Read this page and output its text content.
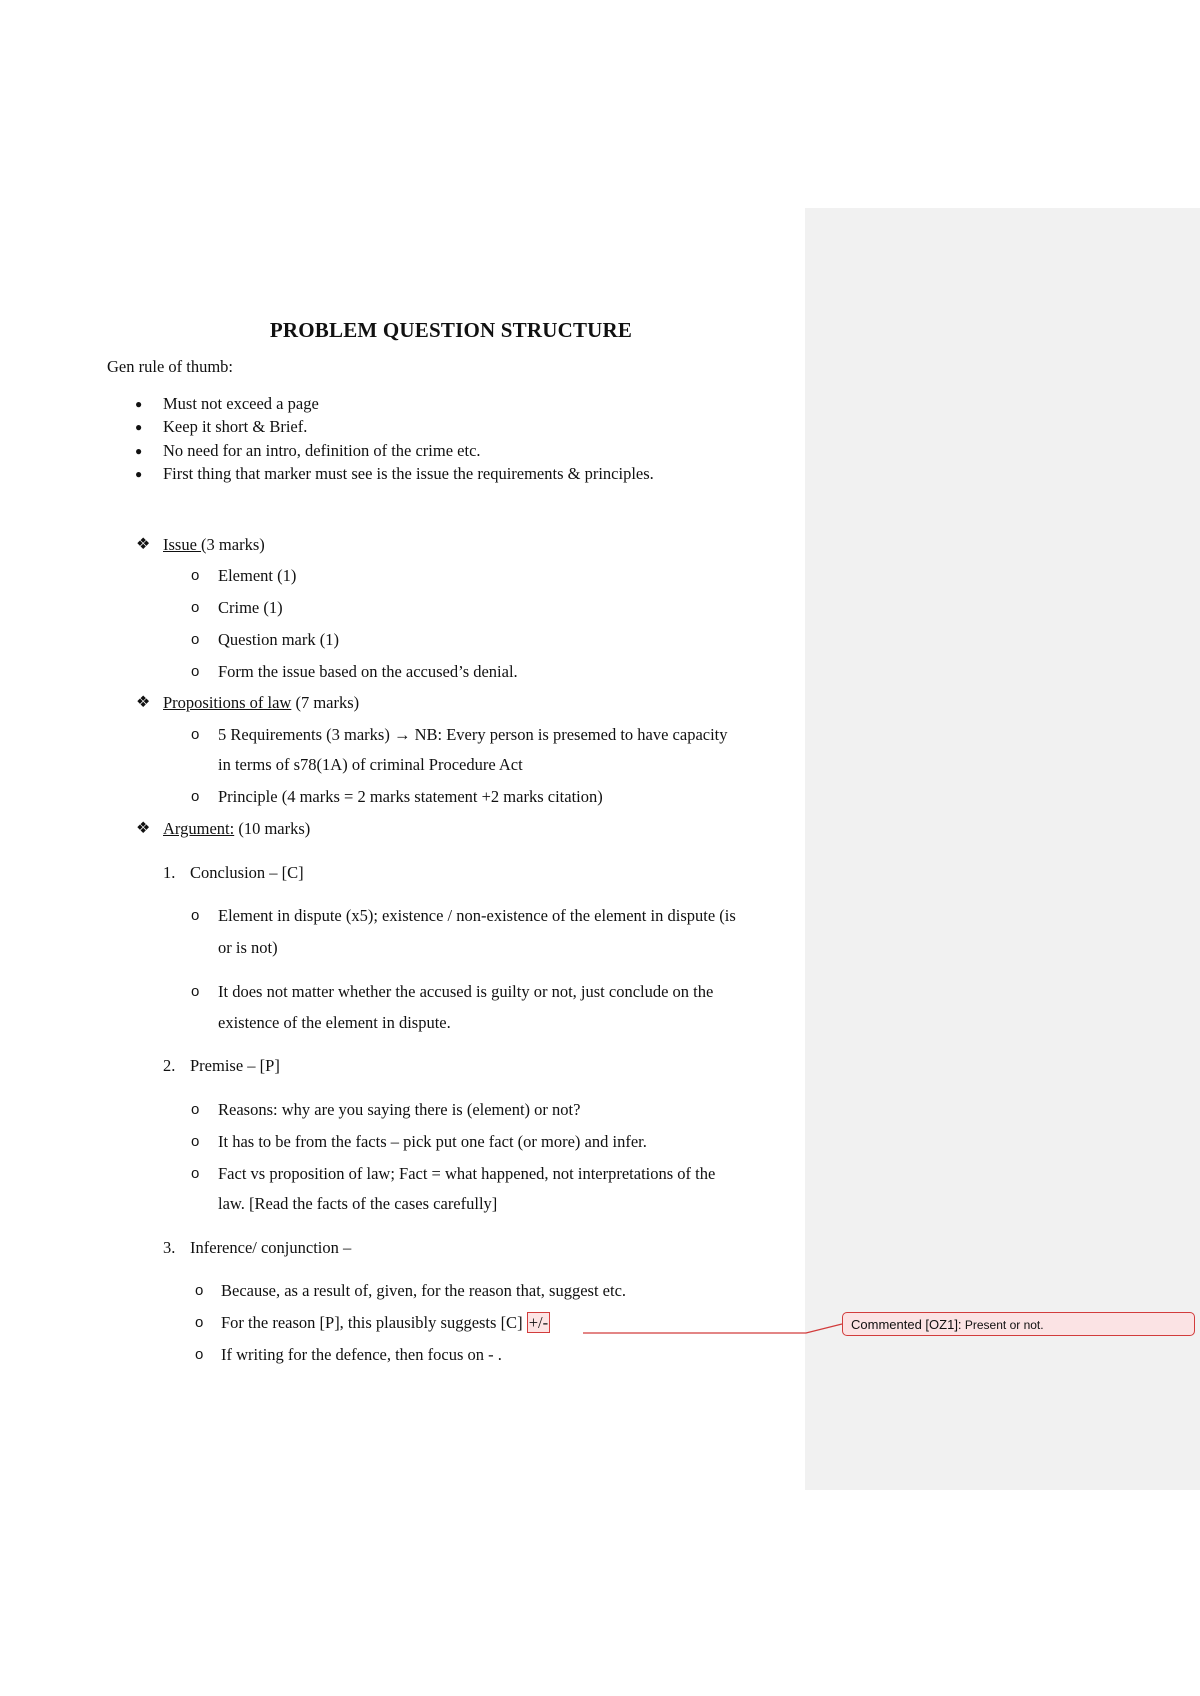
PROBLEM QUESTION STRUCTURE
Gen rule of thumb:
● Must not exceed a page
● Keep it short & Brief.
● No need for an intro, definition of the crime etc.
● First thing that marker must see is the issue the requirements & principles.
❖ Issue (3 marks)
o Element (1)
o Crime (1)
o Question mark (1)
o Form the issue based on the accused’s denial.
❖ Propositions of law (7 marks)
o 5 Requirements (3 marks) → NB: Every person is presemed to have capacity
in terms of s78(1A) of criminal Procedure Act
o Principle (4 marks = 2 marks statement +2 marks citation)
❖ Argument: (10 marks)
1. Conclusion – [C]
o Element in dispute (x5); existence / non-existence of the element in dispute (is
or is not)
o It does not matter whether the accused is guilty or not, just conclude on the
existence of the element in dispute.
2. Premise – [P]
o Reasons: why are you saying there is (element) or not?
o It has to be from the facts – pick put one fact (or more) and infer.
o Fact vs proposition of law; Fact = what happened, not interpretations of the
law. [Read the facts of the cases carefully]
3. Inference/ conjunction –
o Because, as a result of, given, for the reason that, suggest etc.
o For the reason [P], this plausibly suggests [C] +/-
o If writing for the defence, then focus on - .
Commented [OZ1]: Present or not.
